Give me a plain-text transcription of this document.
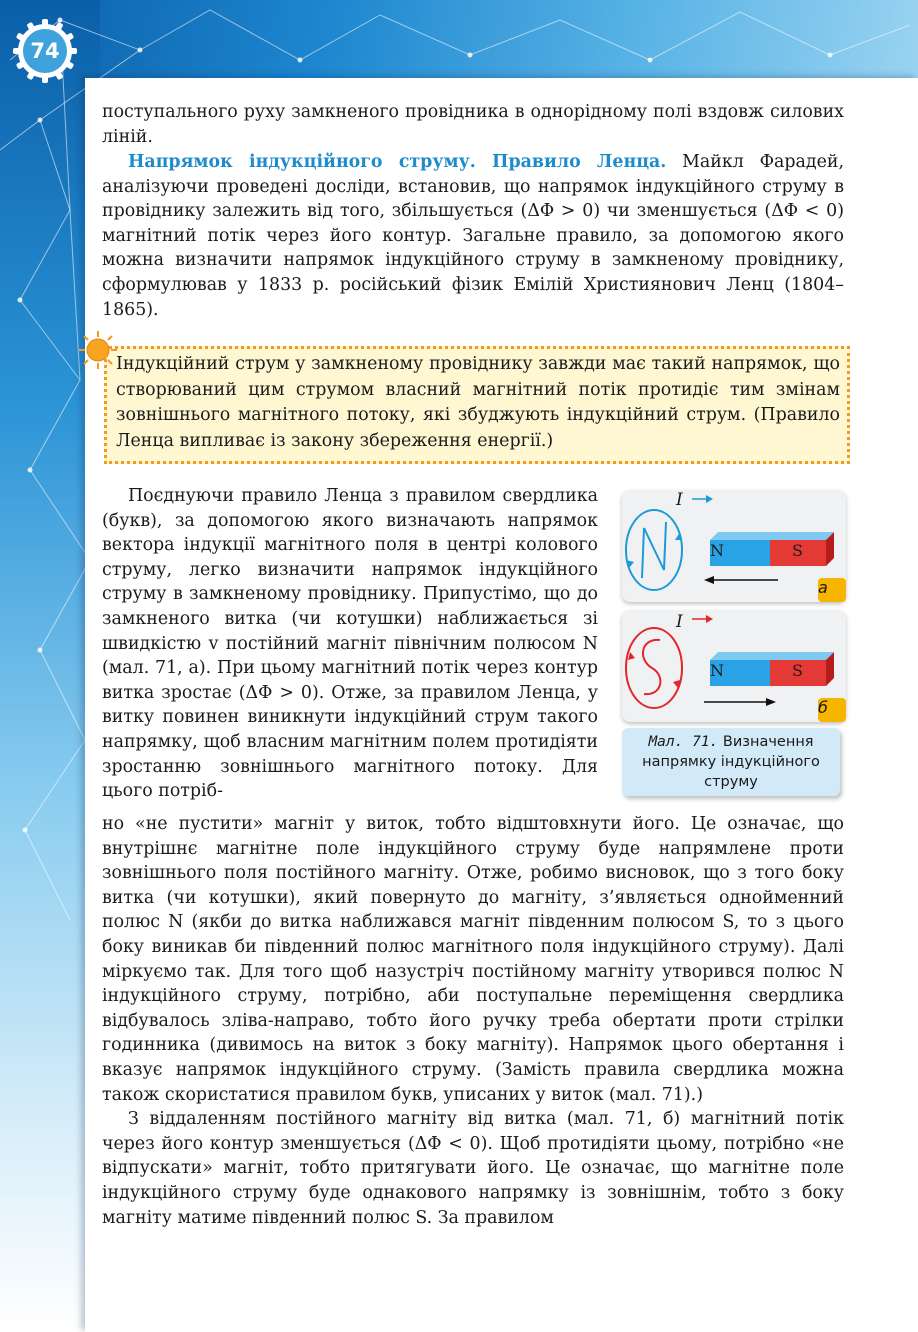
74

поступального руху замкненого провідника в однорідному полі вздовж силових ліній.

Напрямок індукційного струму. Правило Ленца. Майкл Фарадей, аналізуючи проведені досліди, встановив, що напрямок індукційного струму в провіднику залежить від того, збільшується (ΔΦ > 0) чи зменшується (ΔΦ < 0) магнітний потік через його контур. Загальне правило, за допомогою якого можна визначити напрямок індукційного струму в замкненому провіднику, сформулював у 1833 р. російський фізик Емілій Християнович Ленц (1804–1865).

Індукційний струм у замкненому провіднику завжди має такий напрямок, що створюваний цим струмом власний магнітний потік протидіє тим змінам зовнішнього магнітного потоку, які збуджують індукційний струм. (Правило Ленца випливає із закону збереження енергії.)

Поєднуючи правило Ленца з правилом свердлика (букв), за допомогою якого визначають напрямок вектора індукції магнітного поля в центрі колового струму, легко визначити напрямок індукційного струму в замкненому провіднику. Припустімо, що до замкненого витка (чи котушки) наближається зі швидкістю v постійний магніт північним полюсом N (мал. 71, а). При цьому магнітний потік через контур витка зростає (ΔΦ > 0). Отже, за правилом Ленца, у витку повинен виникнути індукційний струм такого напрямку, щоб власним магнітним полем протидіяти зростанню зовнішнього магнітного потоку. Для цього потріб-

I
N	S
а
I
N	S
б
Мал. 71. Визначення напрямку індукційного струму

но «не пустити» магніт у виток, тобто відштовхнути його. Це означає, що внутрішнє магнітне поле індукційного струму буде напрямлене проти зовнішнього поля постійного магніту. Отже, робимо висновок, що з того боку витка (чи котушки), який повернуто до магніту, з’являється однойменний полюс N (якби до витка наближався магніт південним полюсом S, то з цього боку виникав би південний полюс магнітного поля індукційного струму). Далі міркуємо так. Для того щоб назустріч постійному магніту утворився полюс N індукційного струму, потрібно, аби поступальне переміщення свердлика відбувалось зліва-направо, тобто його ручку треба обертати проти стрілки годинника (дивимось на виток з боку магніту). Напрямок цього обертання і вказує напрямок індукційного струму. (Замість правила свердлика можна також скористатися правилом букв, уписаних у виток (мал. 71).)

З віддаленням постійного магніту від витка (мал. 71, б) магнітний потік через його контур зменшується (ΔΦ < 0). Щоб протидіяти цьому, потрібно «не відпускати» магніт, тобто притягувати його. Це означає, що магнітне поле індукційного струму буде однакового напрямку із зовнішнім, тобто з боку магніту матиме південний полюс S. За правилом
